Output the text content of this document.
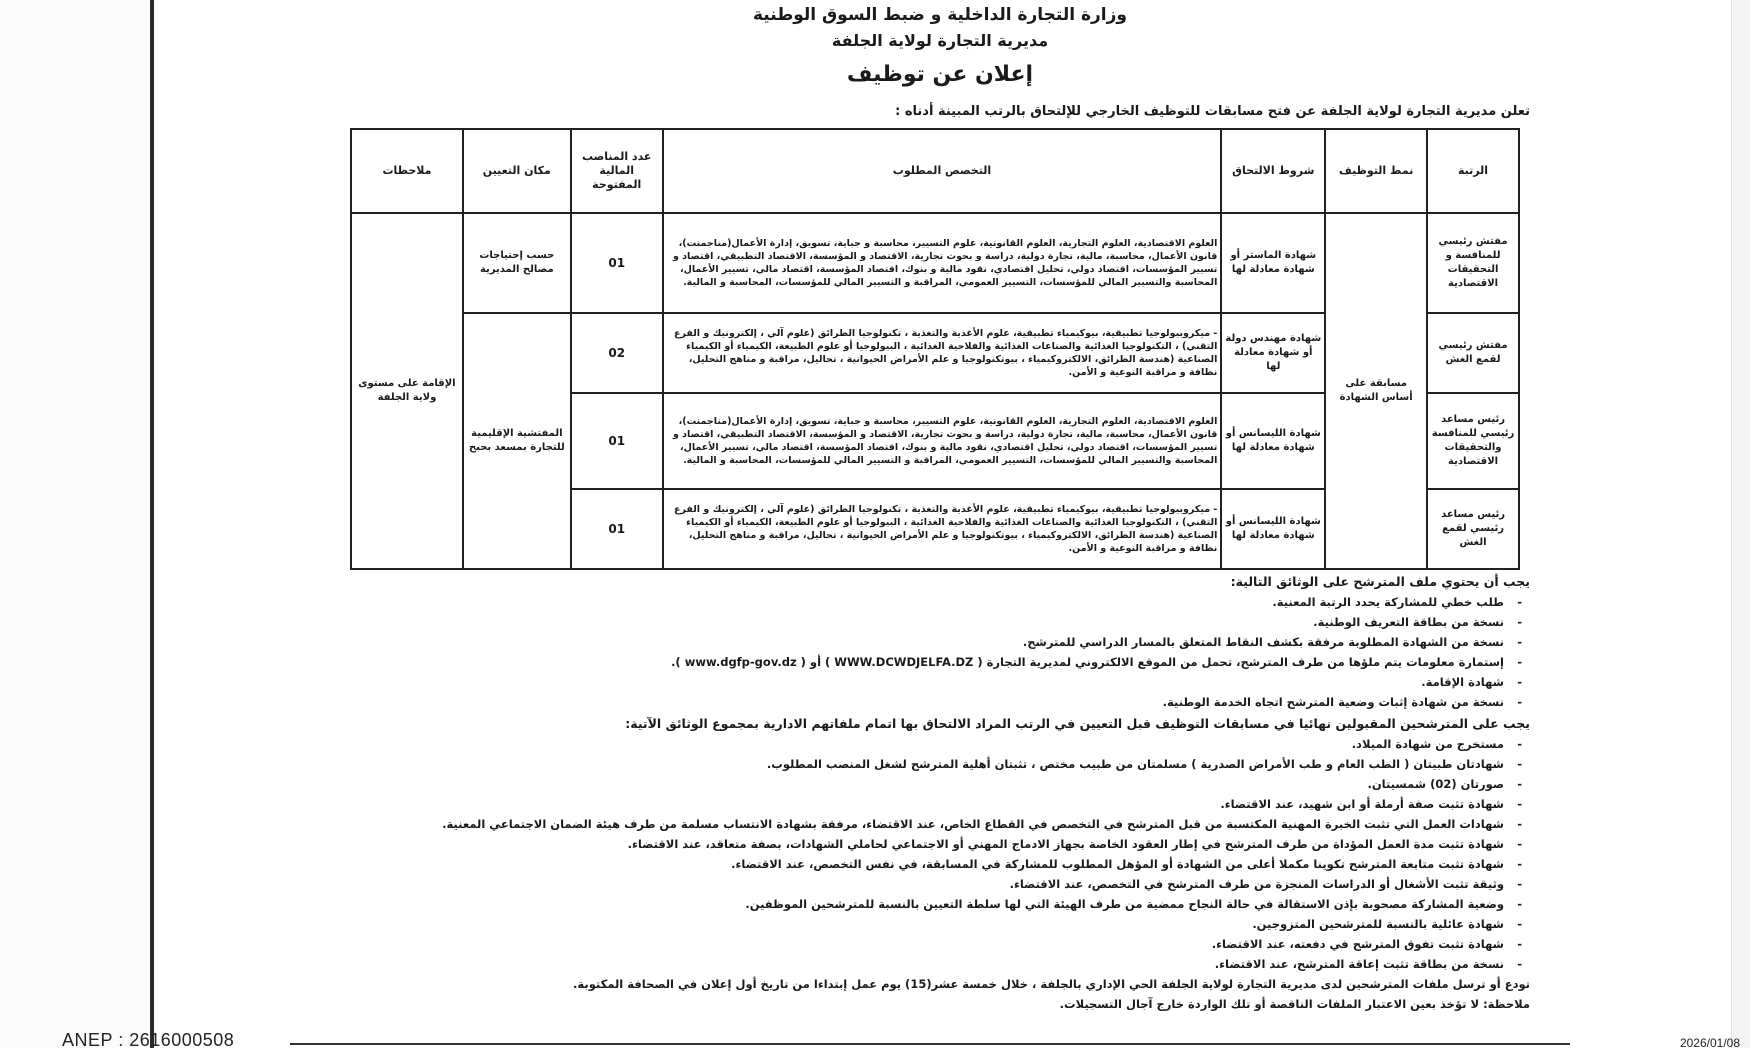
وزارة التجارة الداخلية و ضبط السوق الوطنية
مديرية التجارة لولاية الجلفة
إعلان عن توظيف
تعلن مديرية التجارة لولاية الجلفة عن فتح مسابقات للتوظيف الخارجي للإلتحاق بالرتب المبينة أدناه :
الرتبة	نمط التوظيف	شروط الالتحاق	التخصص المطلوب	عدد المناصب المالية المفتوحة	مكان التعيين	ملاحظات
مفتش رئيسي للمنافسة و التحقيقات الاقتصادية	مسابقة على أساس الشهادة	شهادة الماستر أو شهادة معادلة لها	العلوم الاقتصادية، العلوم التجارية، العلوم القانونية، علوم التسيير، محاسبة و جباية، تسويق، إدارة الأعمال(مناجمنت)، قانون الأعمال، محاسبة، مالية، تجارة دولية، دراسة و بحوث تجارية، الاقتصاد و المؤسسة، الاقتصاد التطبيقي، اقتصاد و تسيير المؤسسات، اقتصاد دولي، تحليل اقتصادي، نقود مالية و بنوك، اقتصاد المؤسسة، اقتصاد مالي، تسيير الأعمال، المحاسبة والتسيير المالي للمؤسسات، التسيير العمومي، المراقبة و التسيير المالي للمؤسسات، المحاسبة و المالية.	01	حسب إحتياجات مصالح المديرية	الإقامة على مستوى ولاية الجلفة
مفتش رئيسي لقمع الغش		شهادة مهندس دولة أو شهادة معادلة لها	- ميكروبيولوجيا تطبيقية، بيوكيمياء تطبيقية، علوم الأغذية والتغذية ، تكنولوجيا الطرائق (علوم آلي ، إلكترونيك و الفرع التقني) ، التكنولوجيا الغذائية والصناعات الغذائية والفلاحية الغذائية ، البيولوجيا أو علوم الطبيعة، الكيمياء أو الكيمياء الصناعية (هندسة الطرائق، الالكتروكيمياء ، بيوتكنولوجيا و علم الأمراض الحيوانية ، تحاليل، مراقبة و مناهج التحليل، نظافة و مراقبة النوعية و الأمن.	02	المفتشية الإقليمية للتجارة بمسعد بحبح	
رئيس مساعد رئيسي للمنافسة والتحقيقات الاقتصادية		شهادة الليسانس أو شهادة معادلة لها	العلوم الاقتصادية، العلوم التجارية، العلوم القانونية، علوم التسيير، محاسبة و جباية، تسويق، إدارة الأعمال(مناجمنت)، قانون الأعمال، محاسبة، مالية، تجارة دولية، دراسة و بحوث تجارية، الاقتصاد و المؤسسة، الاقتصاد التطبيقي، اقتصاد و تسيير المؤسسات، اقتصاد دولي، تحليل اقتصادي، نقود مالية و بنوك، اقتصاد المؤسسة، اقتصاد مالي، تسيير الأعمال، المحاسبة والتسيير المالي للمؤسسات، التسيير العمومي، المراقبة و التسيير المالي للمؤسسات، المحاسبة و المالية.	01		
رئيس مساعد رئيسي لقمع الغش		شهادة الليسانس أو شهادة معادلة لها	- ميكروبيولوجيا تطبيقية، بيوكيمياء تطبيقية، علوم الأغذية والتغذية ، تكنولوجيا الطرائق (علوم آلي ، إلكترونيك و الفرع التقني) ، التكنولوجيا الغذائية والصناعات الغذائية والفلاحية الغذائية ، البيولوجيا أو علوم الطبيعة، الكيمياء أو الكيمياء الصناعية (هندسة الطرائق، الالكتروكيمياء ، بيوتكنولوجيا و علم الأمراض الحيوانية ، تحاليل، مراقبة و مناهج التحليل، نظافة و مراقبة النوعية و الأمن.	01		
يجب أن يحتوي ملف المترشح على الوثائق التالية:
- طلب خطي للمشاركة يحدد الرتبة المعنية.
- نسخة من بطاقة التعريف الوطنية.
- نسخة من الشهادة المطلوبة مرفقة بكشف النقاط المتعلق بالمسار الدراسي للمترشح.
- إستمارة معلومات يتم ملؤها من طرف المترشح، تحمل من الموقع الالكتروني لمديرية التجارة ( WWW.DCWDJELFA.DZ ) أو ( www.dgfp-gov.dz ).
- شهادة الإقامة.
- نسخة من شهادة إثبات وضعية المترشح اتجاه الخدمة الوطنية.
يجب على المترشحين المقبولين نهائيا في مسابقات التوظيف قبل التعيين في الرتب المراد الالتحاق بها اتمام ملفاتهم الادارية بمجموع الوثائق الآتية:
- مستخرج من شهادة الميلاد.
- شهادتان طبيتان ( الطب العام و طب الأمراض الصدرية ) مسلمتان من طبيب مختص ، تثبتان أهلية المترشح لشغل المنصب المطلوب.
- صورتان (02) شمسيتان.
- شهادة تثبت صفة أرملة أو ابن شهيد، عند الاقتضاء.
- شهادات العمل التي تثبت الخبرة المهنية المكتسبة من قبل المترشح في التخصص في القطاع الخاص، عند الاقتضاء، مرفقة بشهادة الانتساب مسلمة من طرف هيئة الضمان الاجتماعي المعنية.
- شهادة تثبت مدة العمل المؤداة من طرف المترشح في إطار العقود الخاصة بجهاز الادماج المهني أو الاجتماعي لحاملي الشهادات، بصفة متعاقد، عند الاقتضاء.
- شهادة تثبت متابعة المترشح تكوينا مكملا أعلى من الشهادة أو المؤهل المطلوب للمشاركة في المسابقة، في نفس التخصص، عند الاقتضاء.
- وثيقة تثبت الأشغال أو الدراسات المنجزة من طرف المترشح في التخصص، عند الاقتضاء.
- وضعية المشاركة مصحوبة بإذن الاستقالة في حالة النجاح ممضية من طرف الهيئة التي لها سلطة التعيين بالنسبة للمترشحين الموظفين.
- شهادة عائلية بالنسبة للمترشحين المتزوجين.
- شهادة تثبت تفوق المترشح في دفعته، عند الاقتضاء.
- نسخة من بطاقة تثبت إعاقة المترشح، عند الاقتضاء.
تودع أو ترسل ملفات المترشحين لدى مديرية التجارة لولاية الجلفة الحي الإداري بالجلفة ، خلال خمسة عشر(15) يوم عمل إبتداءا من تاريخ أول إعلان في الصحافة المكتوبة.
ملاحظة: لا تؤخذ بعين الاعتبار الملفات الناقصة أو تلك الواردة خارج آجال التسجيلات.
ANEP : 2616000508	2026/01/08
